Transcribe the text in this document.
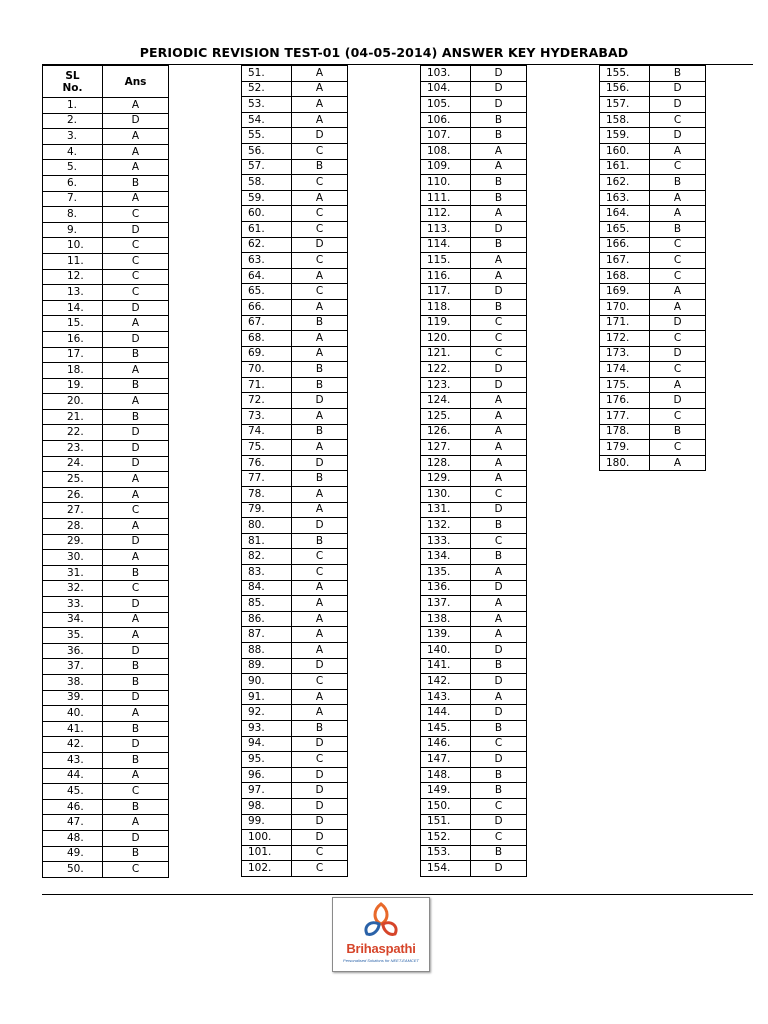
PERIODIC REVISION TEST-01 (04-05-2014) ANSWER KEY HYDERABAD
SL No.	Ans
1.	A
2.	D
3.	A
4.	A
5.	A
6.	B
7.	A
8.	C
9.	D
10.	C
11.	C
12.	C
13.	C
14.	D
15.	A
16.	D
17.	B
18.	A
19.	B
20.	A
21.	B
22.	D
23.	D
24.	D
25.	A
26.	A
27.	C
28.	A
29.	D
30.	A
31.	B
32.	C
33.	D
34.	A
35.	A
36.	D
37.	B
38.	B
39.	D
40.	A
41.	B
42.	D
43.	B
44.	A
45.	C
46.	B
47.	A
48.	D
49.	B
50.	C
51.	A
52.	A
53.	A
54.	A
55.	D
56.	C
57.	B
58.	C
59.	A
60.	C
61.	C
62.	D
63.	C
64.	A
65.	C
66.	A
67.	B
68.	A
69.	A
70.	B
71.	B
72.	D
73.	A
74.	B
75.	A
76.	D
77.	B
78.	A
79.	A
80.	D
81.	B
82.	C
83.	C
84.	A
85.	A
86.	A
87.	A
88.	A
89.	D
90.	C
91.	A
92.	A
93.	B
94.	D
95.	C
96.	D
97.	D
98.	D
99.	D
100.	D
101.	C
102.	C
103.	D
104.	D
105.	D
106.	B
107.	B
108.	A
109.	A
110.	B
111.	B
112.	A
113.	D
114.	B
115.	A
116.	A
117.	D
118.	B
119.	C
120.	C
121.	C
122.	D
123.	D
124.	A
125.	A
126.	A
127.	A
128.	A
129.	A
130.	C
131.	D
132.	B
133.	C
134.	B
135.	A
136.	D
137.	A
138.	A
139.	A
140.	D
141.	B
142.	D
143.	A
144.	D
145.	B
146.	C
147.	D
148.	B
149.	B
150.	C
151.	D
152.	C
153.	B
154.	D
155.	B
156.	D
157.	D
158.	C
159.	D
160.	A
161.	C
162.	B
163.	A
164.	A
165.	B
166.	C
167.	C
168.	C
169.	A
170.	A
171.	D
172.	C
173.	D
174.	C
175.	A
176.	D
177.	C
178.	B
179.	C
180.	A
Brihaspathi
Personalised Solutions for NEET-EAMCET
